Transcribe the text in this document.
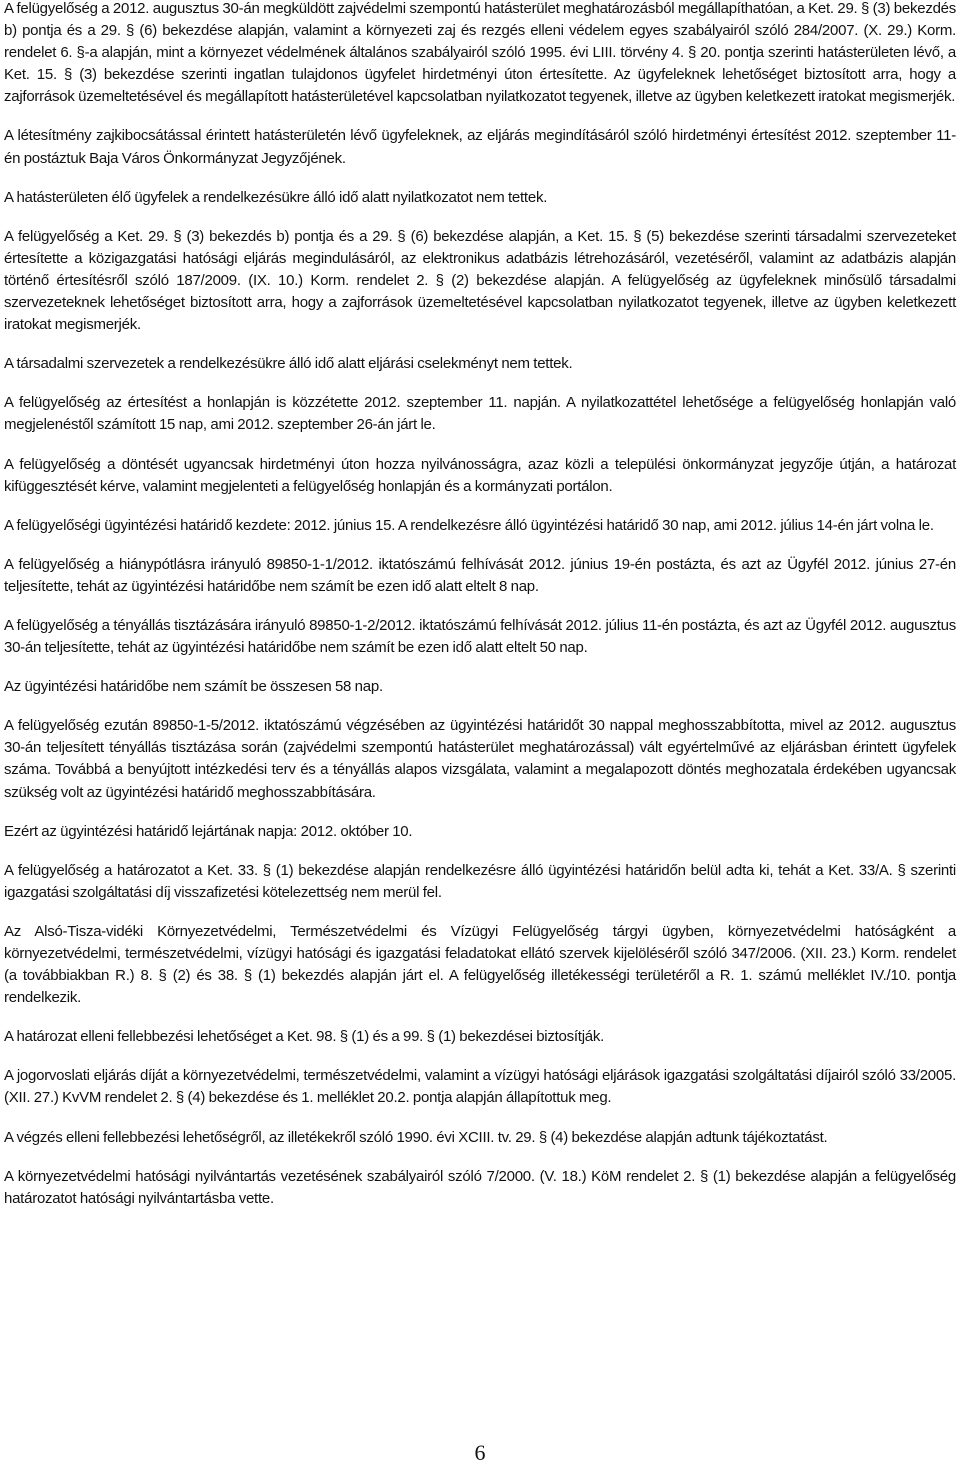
A felügyelőség a 2012. augusztus 30-án megküldött zajvédelmi szempontú hatásterület meghatározásból megállapíthatóan, a Ket. 29. § (3) bekezdés b) pontja és a 29. § (6) bekezdése alapján, valamint a környezeti zaj és rezgés elleni védelem egyes szabályairól szóló 284/2007. (X. 29.) Korm. rendelet 6. §-a alapján, mint a környezet védelmének általános szabályairól szóló 1995. évi LIII. törvény 4. § 20. pontja szerinti hatásterületen lévő, a Ket. 15. § (3) bekezdése szerinti ingatlan tulajdonos ügyfelet hirdetményi úton értesítette. Az ügyfeleknek lehetőséget biztosított arra, hogy a zajforrások üzemeltetésével és megállapított hatásterületével kapcsolatban nyilatkozatot tegyenek, illetve az ügyben keletkezett iratokat megismerjék.

A létesítmény zajkibocsátással érintett hatásterületén lévő ügyfeleknek, az eljárás megindításáról szóló hirdetményi értesítést 2012. szeptember 11-én postáztuk Baja Város Önkormányzat Jegyzőjének.

A hatásterületen élő ügyfelek a rendelkezésükre álló idő alatt nyilatkozatot nem tettek.

A felügyelőség a Ket. 29. § (3) bekezdés b) pontja és a 29. § (6) bekezdése alapján, a Ket. 15. § (5) bekezdése szerinti társadalmi szervezeteket értesítette a közigazgatási hatósági eljárás megindulásáról, az elektronikus adatbázis létrehozásáról, vezetéséről, valamint az adatbázis alapján történő értesítésről szóló 187/2009. (IX. 10.) Korm. rendelet 2. § (2) bekezdése alapján. A felügyelőség az ügyfeleknek minősülő társadalmi szervezeteknek lehetőséget biztosított arra, hogy a zajforrások üzemeltetésével kapcsolatban nyilatkozatot tegyenek, illetve az ügyben keletkezett iratokat megismerjék.

A társadalmi szervezetek a rendelkezésükre álló idő alatt eljárási cselekményt nem tettek.

A felügyelőség az értesítést a honlapján is közzétette 2012. szeptember 11. napján. A nyilatkozattétel lehetősége a felügyelőség honlapján való megjelenéstől számított 15 nap, ami 2012. szeptember 26-án járt le.

A felügyelőség a döntését ugyancsak hirdetményi úton hozza nyilvánosságra, azaz közli a települési önkormányzat jegyzője útján, a határozat kifüggesztését kérve, valamint megjelenteti a felügyelőség honlapján és a kormányzati portálon.

A felügyelőségi ügyintézési határidő kezdete: 2012. június 15. A rendelkezésre álló ügyintézési határidő 30 nap, ami 2012. július 14-én járt volna le.

A felügyelőség a hiánypótlásra irányuló 89850-1-1/2012. iktatószámú felhívását 2012. június 19-én postázta, és azt az Ügyfél 2012. június 27-én teljesítette, tehát az ügyintézési határidőbe nem számít be ezen idő alatt eltelt 8 nap.

A felügyelőség a tényállás tisztázására irányuló 89850-1-2/2012. iktatószámú felhívását 2012. július 11-én postázta, és azt az Ügyfél 2012. augusztus 30-án teljesítette, tehát az ügyintézési határidőbe nem számít be ezen idő alatt eltelt 50 nap.

Az ügyintézési határidőbe nem számít be összesen 58 nap.

A felügyelőség ezután 89850-1-5/2012. iktatószámú végzésében az ügyintézési határidőt 30 nappal meghosszabbította, mivel az 2012. augusztus 30-án teljesített tényállás tisztázása során (zajvédelmi szempontú hatásterület meghatározással) vált egyértelművé az eljárásban érintett ügyfelek száma. Továbbá a benyújtott intézkedési terv és a tényállás alapos vizsgálata, valamint a megalapozott döntés meghozatala érdekében ugyancsak szükség volt az ügyintézési határidő meghosszabbítására.

Ezért az ügyintézési határidő lejártának napja: 2012. október 10.

A felügyelőség a határozatot a Ket. 33. § (1) bekezdése alapján rendelkezésre álló ügyintézési határidőn belül adta ki, tehát a Ket. 33/A. § szerinti igazgatási szolgáltatási díj visszafizetési kötelezettség nem merül fel.

Az Alsó-Tisza-vidéki Környezetvédelmi, Természetvédelmi és Vízügyi Felügyelőség tárgyi ügyben, környezetvédelmi hatóságként a környezetvédelmi, természetvédelmi, vízügyi hatósági és igazgatási feladatokat ellátó szervek kijelöléséről szóló 347/2006. (XII. 23.) Korm. rendelet (a továbbiakban R.) 8. § (2) és 38. § (1) bekezdés alapján járt el. A felügyelőség illetékességi területéről a R. 1. számú melléklet IV./10. pontja rendelkezik.

A határozat elleni fellebbezési lehetőséget a Ket. 98. § (1) és a 99. § (1) bekezdései biztosítják.

A jogorvoslati eljárás díját a környezetvédelmi, természetvédelmi, valamint a vízügyi hatósági eljárások igazgatási szolgáltatási díjairól szóló 33/2005. (XII. 27.) KvVM rendelet 2. § (4) bekezdése és 1. melléklet 20.2. pontja alapján állapítottuk meg.

A végzés elleni fellebbezési lehetőségről, az illetékekről szóló 1990. évi XCIII. tv. 29. § (4) bekezdése alapján adtunk tájékoztatást.

A környezetvédelmi hatósági nyilvántartás vezetésének szabályairól szóló 7/2000. (V. 18.) KöM rendelet 2. § (1) bekezdése alapján a felügyelőség határozatot hatósági nyilvántartásba vette.

6
